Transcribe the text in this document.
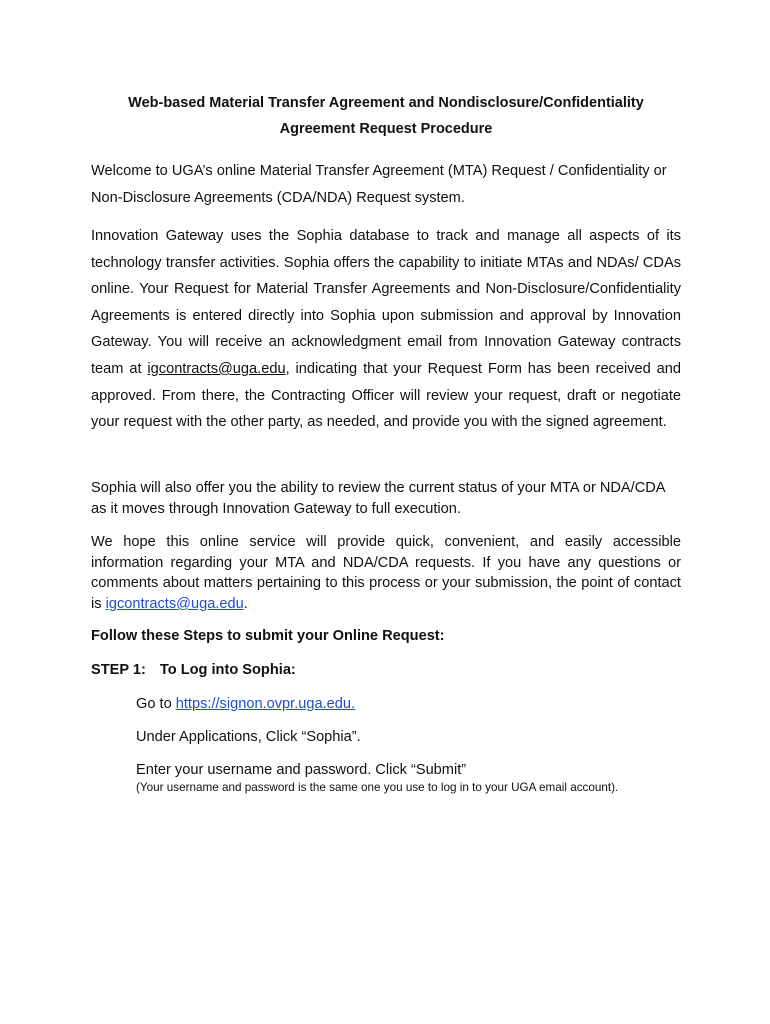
Web-based Material Transfer Agreement and Nondisclosure/Confidentiality
Agreement Request Procedure
Welcome to UGA’s online Material Transfer Agreement (MTA) Request / Confidentiality or Non-Disclosure Agreements (CDA/NDA) Request system.
Innovation Gateway uses the Sophia database to track and manage all aspects of its technology transfer activities. Sophia offers the capability to initiate MTAs and NDAs/ CDAs online. Your Request for Material Transfer Agreements and Non-Disclosure/Confidentiality Agreements is entered directly into Sophia upon submission and approval by Innovation Gateway. You will receive an acknowledgment email from Innovation Gateway contracts team at igcontracts@uga.edu, indicating that your Request Form has been received and approved. From there, the Contracting Officer will review your request, draft or negotiate your request with the other party, as needed, and provide you with the signed agreement.
Sophia will also offer you the ability to review the current status of your MTA or NDA/CDA as it moves through Innovation Gateway to full execution.
We hope this online service will provide quick, convenient, and easily accessible information regarding your MTA and NDA/CDA requests. If you have any questions or comments about matters pertaining to this process or your submission, the point of contact is igcontracts@uga.edu.
Follow these Steps to submit your Online Request:
STEP 1: To Log into Sophia:
Go to https://signon.ovpr.uga.edu.
Under Applications, Click “Sophia”.
Enter your username and password. Click “Submit”
(Your username and password is the same one you use to log in to your UGA email account).
